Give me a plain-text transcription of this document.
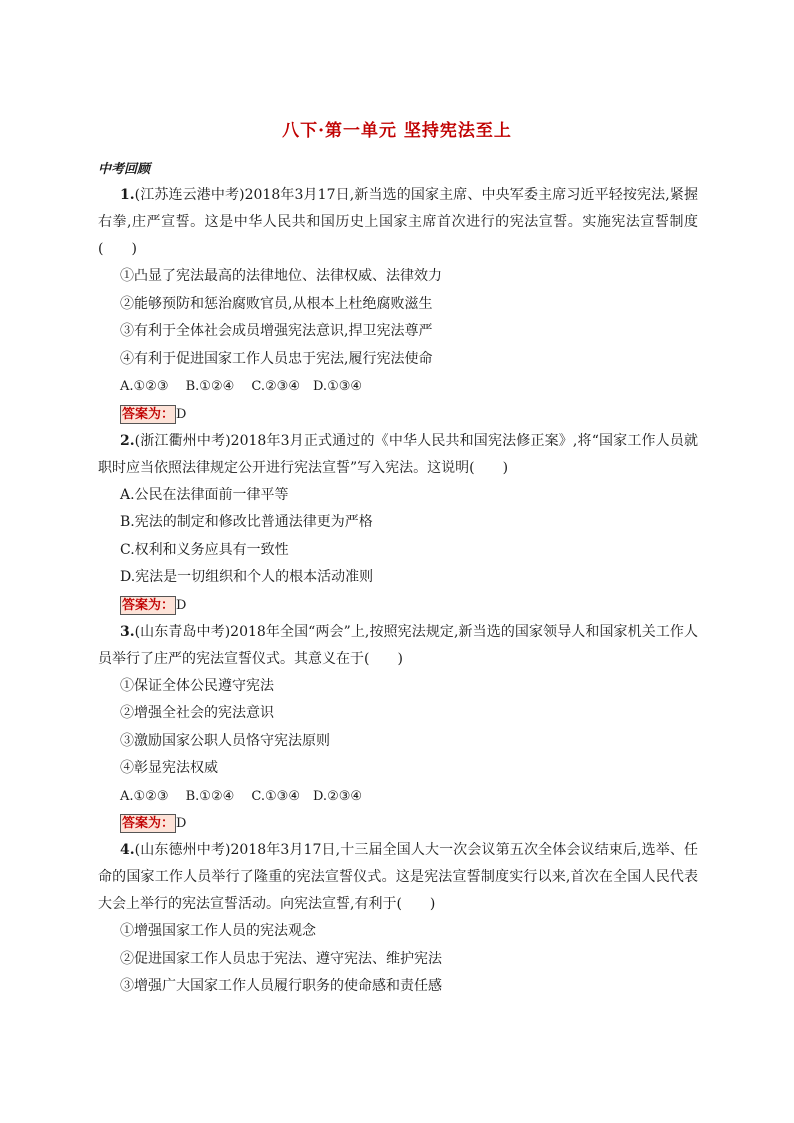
八下·第一单元 坚持宪法至上
中考回顾

1.(江苏连云港中考)2018年3月17日,新当选的国家主席、中央军委主席习近平轻按宪法,紧握右拳,庄严宣誓。这是中华人民共和国历史上国家主席首次进行的宪法宣誓。实施宪法宣誓制度(　　)

①凸显了宪法最高的法律地位、法律权威、法律效力

②能够预防和惩治腐败官员,从根本上杜绝腐败滋生

③有利于全体社会成员增强宪法意识,捍卫宪法尊严

④有利于促进国家工作人员忠于宪法,履行宪法使命

A.①②③　 B.①②④　 C.②③④　D.①③④

答案为： D

2.(浙江衢州中考)2018年3月正式通过的《中华人民共和国宪法修正案》,将“国家工作人员就职时应当依照法律规定公开进行宪法宣誓”写入宪法。这说明(　　)

A.公民在法律面前一律平等

B.宪法的制定和修改比普通法律更为严格

C.权利和义务应具有一致性

D.宪法是一切组织和个人的根本活动准则

答案为： D

3.(山东青岛中考)2018年全国“两会”上,按照宪法规定,新当选的国家领导人和国家机关工作人员举行了庄严的宪法宣誓仪式。其意义在于(　　)

①保证全体公民遵守宪法

②增强全社会的宪法意识

③激励国家公职人员恪守宪法原则

④彰显宪法权威

A.①②③　 B.①②④　 C.①③④　D.②③④

答案为： D

4.(山东德州中考)2018年3月17日,十三届全国人大一次会议第五次全体会议结束后,选举、任命的国家工作人员举行了隆重的宪法宣誓仪式。这是宪法宣誓制度实行以来,首次在全国人民代表大会上举行的宪法宣誓活动。向宪法宣誓,有利于(　　)

①增强国家工作人员的宪法观念

②促进国家工作人员忠于宪法、遵守宪法、维护宪法

③增强广大国家工作人员履行职务的使命感和责任感
